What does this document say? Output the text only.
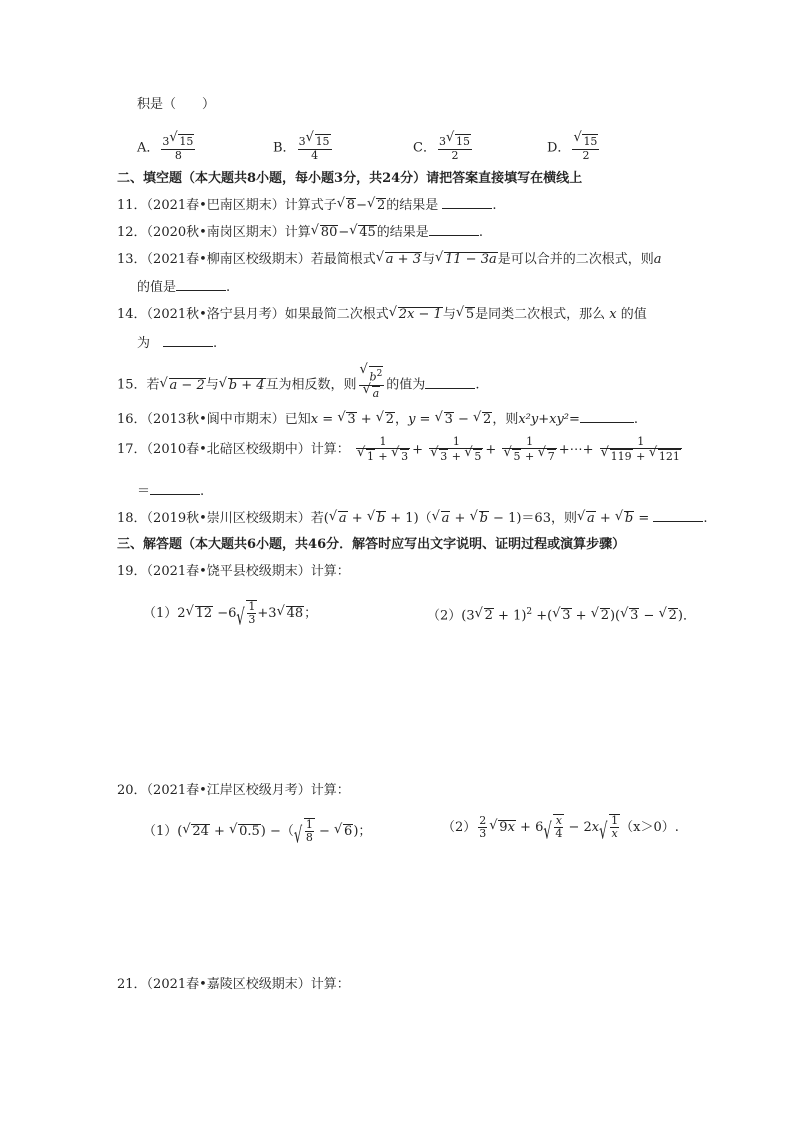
积是（　　）
A． $\frac{3√ 15}{8}$	B． $\frac{3√ 15}{4}$	C． $\frac{3√ 15}{2}$	D．
√ $\frac{15}{2}$
二、填空题（本大题共8小题，每小题3分，共24分）请把答案直接填写在横线上
11．（2021春•巴南区期末）计算式子√ 8−√ 2的结果是	.
12．（2020秋•南岗区期末）计算√ 80−√ 45的结果是	.
13．（2021春•柳南区校级期末）若最简根式√ a + 3与√ 11 − 3a是可以合并的二次根式，则a
的值是	.
14．（2021秋•洛宁县月考）如果最简二次根式√ 2x − 1与√ 5是同类二次根式，那么 x 的值
为　	.
15．若√ a − 2与√ b + 4互为相反数，则
√ $b^2$
√ a 的值为	.
16．（2013秋•阆中市期末）已知x = √ 3 + √ 2，y = √ 3 − √ 2，则x²y+xy²=	.
17．（2010春•北碚区校级期中）计算： 1
√ 1 + √ 3 + 1
√ 3 + √ 5 + 1
√ 5 + √ 7 +⋯+ 1
√ 119 + √ 121
＝	.
18．（2019秋•崇川区校级期末）若(√ a + √ b + 1)（√ a + √ b − 1)＝63，则√ a + √ b =	.
三、解答题（本大题共6小题，共46分．解答时应写出文字说明、证明过程或演算步骤）
19．（2021春•饶平县校级期末）计算：
（1）2√ 12 −6
√ $\frac{1}{3} +3√$ 48；	（2）(3√ 2 + 1)$^2$ +(√ 3 + √ 2)(√ 3 − √ 2)．
20．（2021春•江岸区校级月考）计算：
（1）(√ 24 + √ 0.5) −（
√ $\frac{1}{8}$ − √ 6)；	$(2) \frac{2}{3}$
√ 9x + 6
√ $\frac{x}{4} - 2x$
√ $\frac{1}{x} (x>0)$.
21．（2021春•嘉陵区校级期末）计算：
